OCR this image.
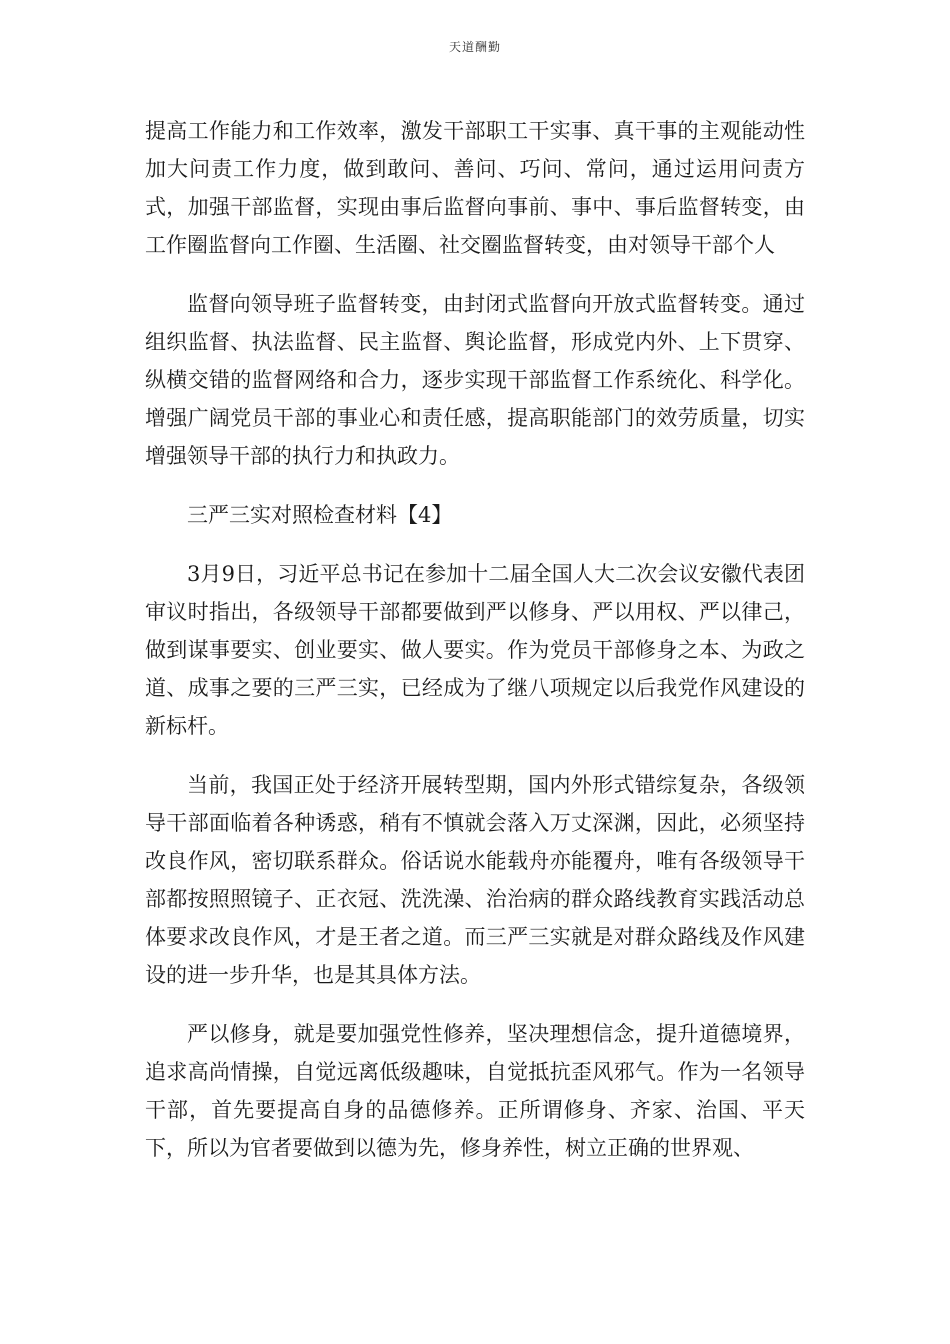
天道酬勤

提高工作能力和工作效率，激发干部职工干实事、真干事的主观能动性加大问责工作力度，做到敢问、善问、巧问、常问，通过运用问责方式，加强干部监督，实现由事后监督向事前、事中、事后监督转变，由工作圈监督向工作圈、生活圈、社交圈监督转变，由对领导干部个人

监督向领导班子监督转变，由封闭式监督向开放式监督转变。通过组织监督、执法监督、民主监督、舆论监督，形成党内外、上下贯穿、纵横交错的监督网络和合力，逐步实现干部监督工作系统化、科学化。增强广阔党员干部的事业心和责任感，提高职能部门的效劳质量，切实增强领导干部的执行力和执政力。

三严三实对照检查材料【4】

3月9日，习近平总书记在参加十二届全国人大二次会议安徽代表团审议时指出，各级领导干部都要做到严以修身、严以用权、严以律己，做到谋事要实、创业要实、做人要实。作为党员干部修身之本、为政之道、成事之要的三严三实，已经成为了继八项规定以后我党作风建设的新标杆。

当前，我国正处于经济开展转型期，国内外形式错综复杂，各级领导干部面临着各种诱惑，稍有不慎就会落入万丈深渊，因此，必须坚持改良作风，密切联系群众。俗话说水能载舟亦能覆舟，唯有各级领导干部都按照照镜子、正衣冠、洗洗澡、治治病的群众路线教育实践活动总体要求改良作风，才是王者之道。而三严三实就是对群众路线及作风建设的进一步升华，也是其具体方法。

严以修身，就是要加强党性修养，坚决理想信念，提升道德境界，追求高尚情操，自觉远离低级趣味，自觉抵抗歪风邪气。作为一名领导干部，首先要提高自身的品德修养。正所谓修身、齐家、治国、平天下，所以为官者要做到以德为先，修身养性，树立正确的世界观、
